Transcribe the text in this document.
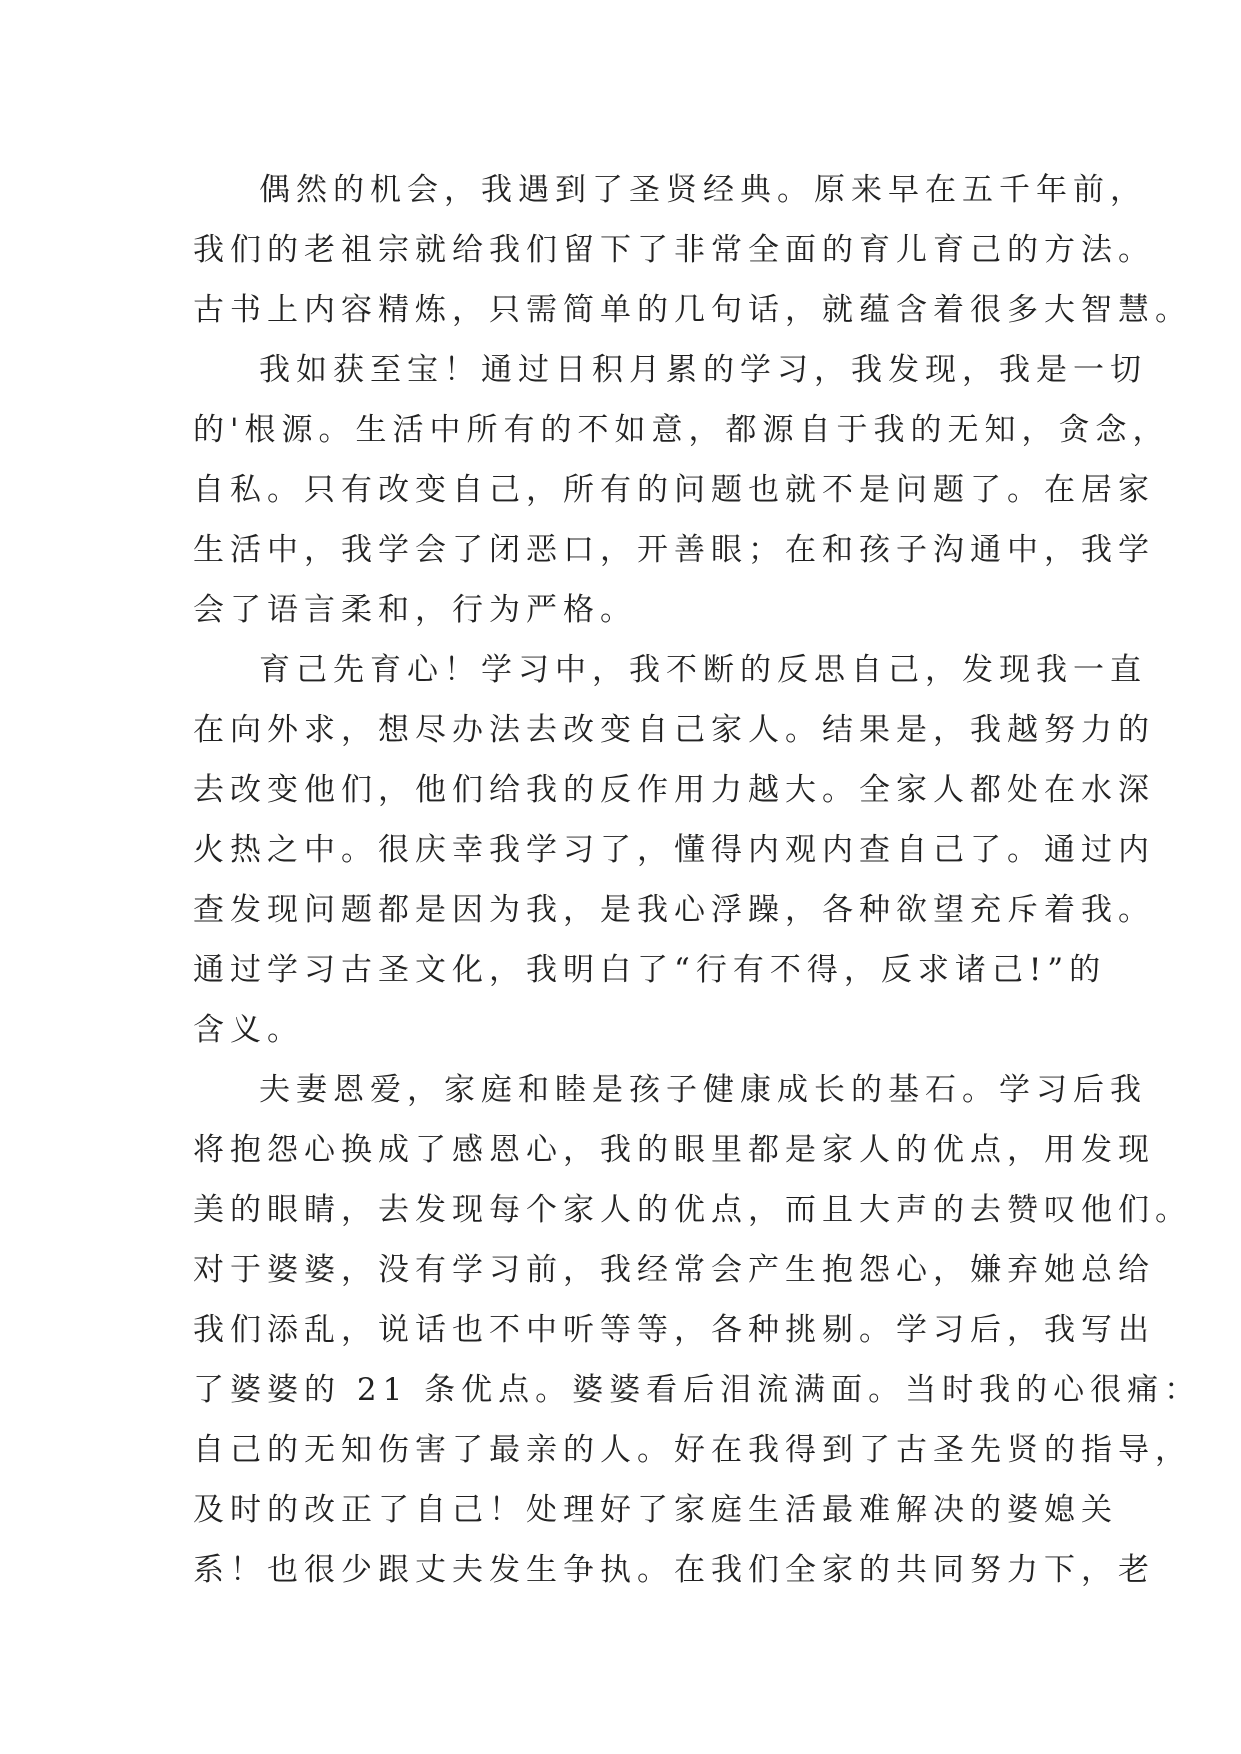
偶然的机会，我遇到了圣贤经典。原来早在五千年前，
我们的老祖宗就给我们留下了非常全面的育儿育己的方法。
古书上内容精炼，只需简单的几句话，就蕴含着很多大智慧。
我如获至宝！通过日积月累的学习，我发现，我是一切
的'根源。生活中所有的不如意，都源自于我的无知，贪念，
自私。只有改变自己，所有的问题也就不是问题了。在居家
生活中，我学会了闭恶口，开善眼；在和孩子沟通中，我学
会了语言柔和，行为严格。
育己先育心！学习中，我不断的反思自己，发现我一直
在向外求，想尽办法去改变自己家人。结果是，我越努力的
去改变他们，他们给我的反作用力越大。全家人都处在水深
火热之中。很庆幸我学习了，懂得内观内查自己了。通过内
查发现问题都是因为我，是我心浮躁，各种欲望充斥着我。
通过学习古圣文化，我明白了“行有不得，反求诸己!”的
含义。
夫妻恩爱，家庭和睦是孩子健康成长的基石。学习后我
将抱怨心换成了感恩心，我的眼里都是家人的优点，用发现
美的眼睛，去发现每个家人的优点，而且大声的去赞叹他们。
对于婆婆，没有学习前，我经常会产生抱怨心，嫌弃她总给
我们添乱，说话也不中听等等，各种挑剔。学习后，我写出
了婆婆的 21 条优点。婆婆看后泪流满面。当时我的心很痛：
自己的无知伤害了最亲的人。好在我得到了古圣先贤的指导，
及时的改正了自己！处理好了家庭生活最难解决的婆媳关
系！也很少跟丈夫发生争执。在我们全家的共同努力下，老
